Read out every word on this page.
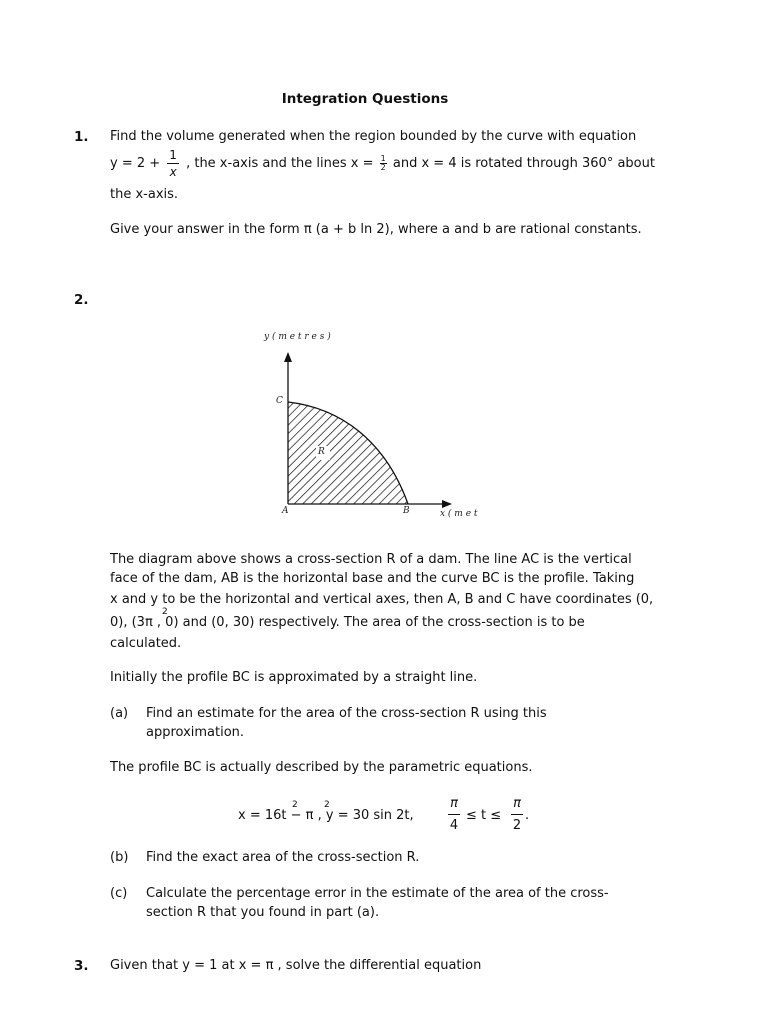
Integration Questions
1. Find the volume generated when the region bounded by the curve with equation
$y = 2 + \frac{1}{x}$ , the x-axis and the lines $x = \frac{1}{2}$ and x = 4 is rotated through 360° about
the x-axis.
Give your answer in the form π (a + b ln 2), where a and b are rational constants.
2.
y ( m e t r e s )
x ( m e t
C
A	B
R
The diagram above shows a cross-section R of a dam. The line AC is the vertical
face of the dam, AB is the horizontal base and the curve BC is the profile. Taking
x and y to be the horizontal and vertical axes, then A, B and C have coordinates (0,
0), (3π , 0) and (0, 30) respectively. The area of the cross-section is to be
2
calculated.
Initially the profile BC is approximated by a straight line.
(a) Find an estimate for the area of the cross-section R using this
approximation.
The profile BC is actually described by the parametric equations.
x = 16t − π , y = 30 sin 2t,
2	2	π
4
≤ t ≤
π
2
.
(b) Find the exact area of the cross-section R.
(c) Calculate the percentage error in the estimate of the area of the cross-
section R that you found in part (a).
3. Given that y = 1 at x = π , solve the differential equation
